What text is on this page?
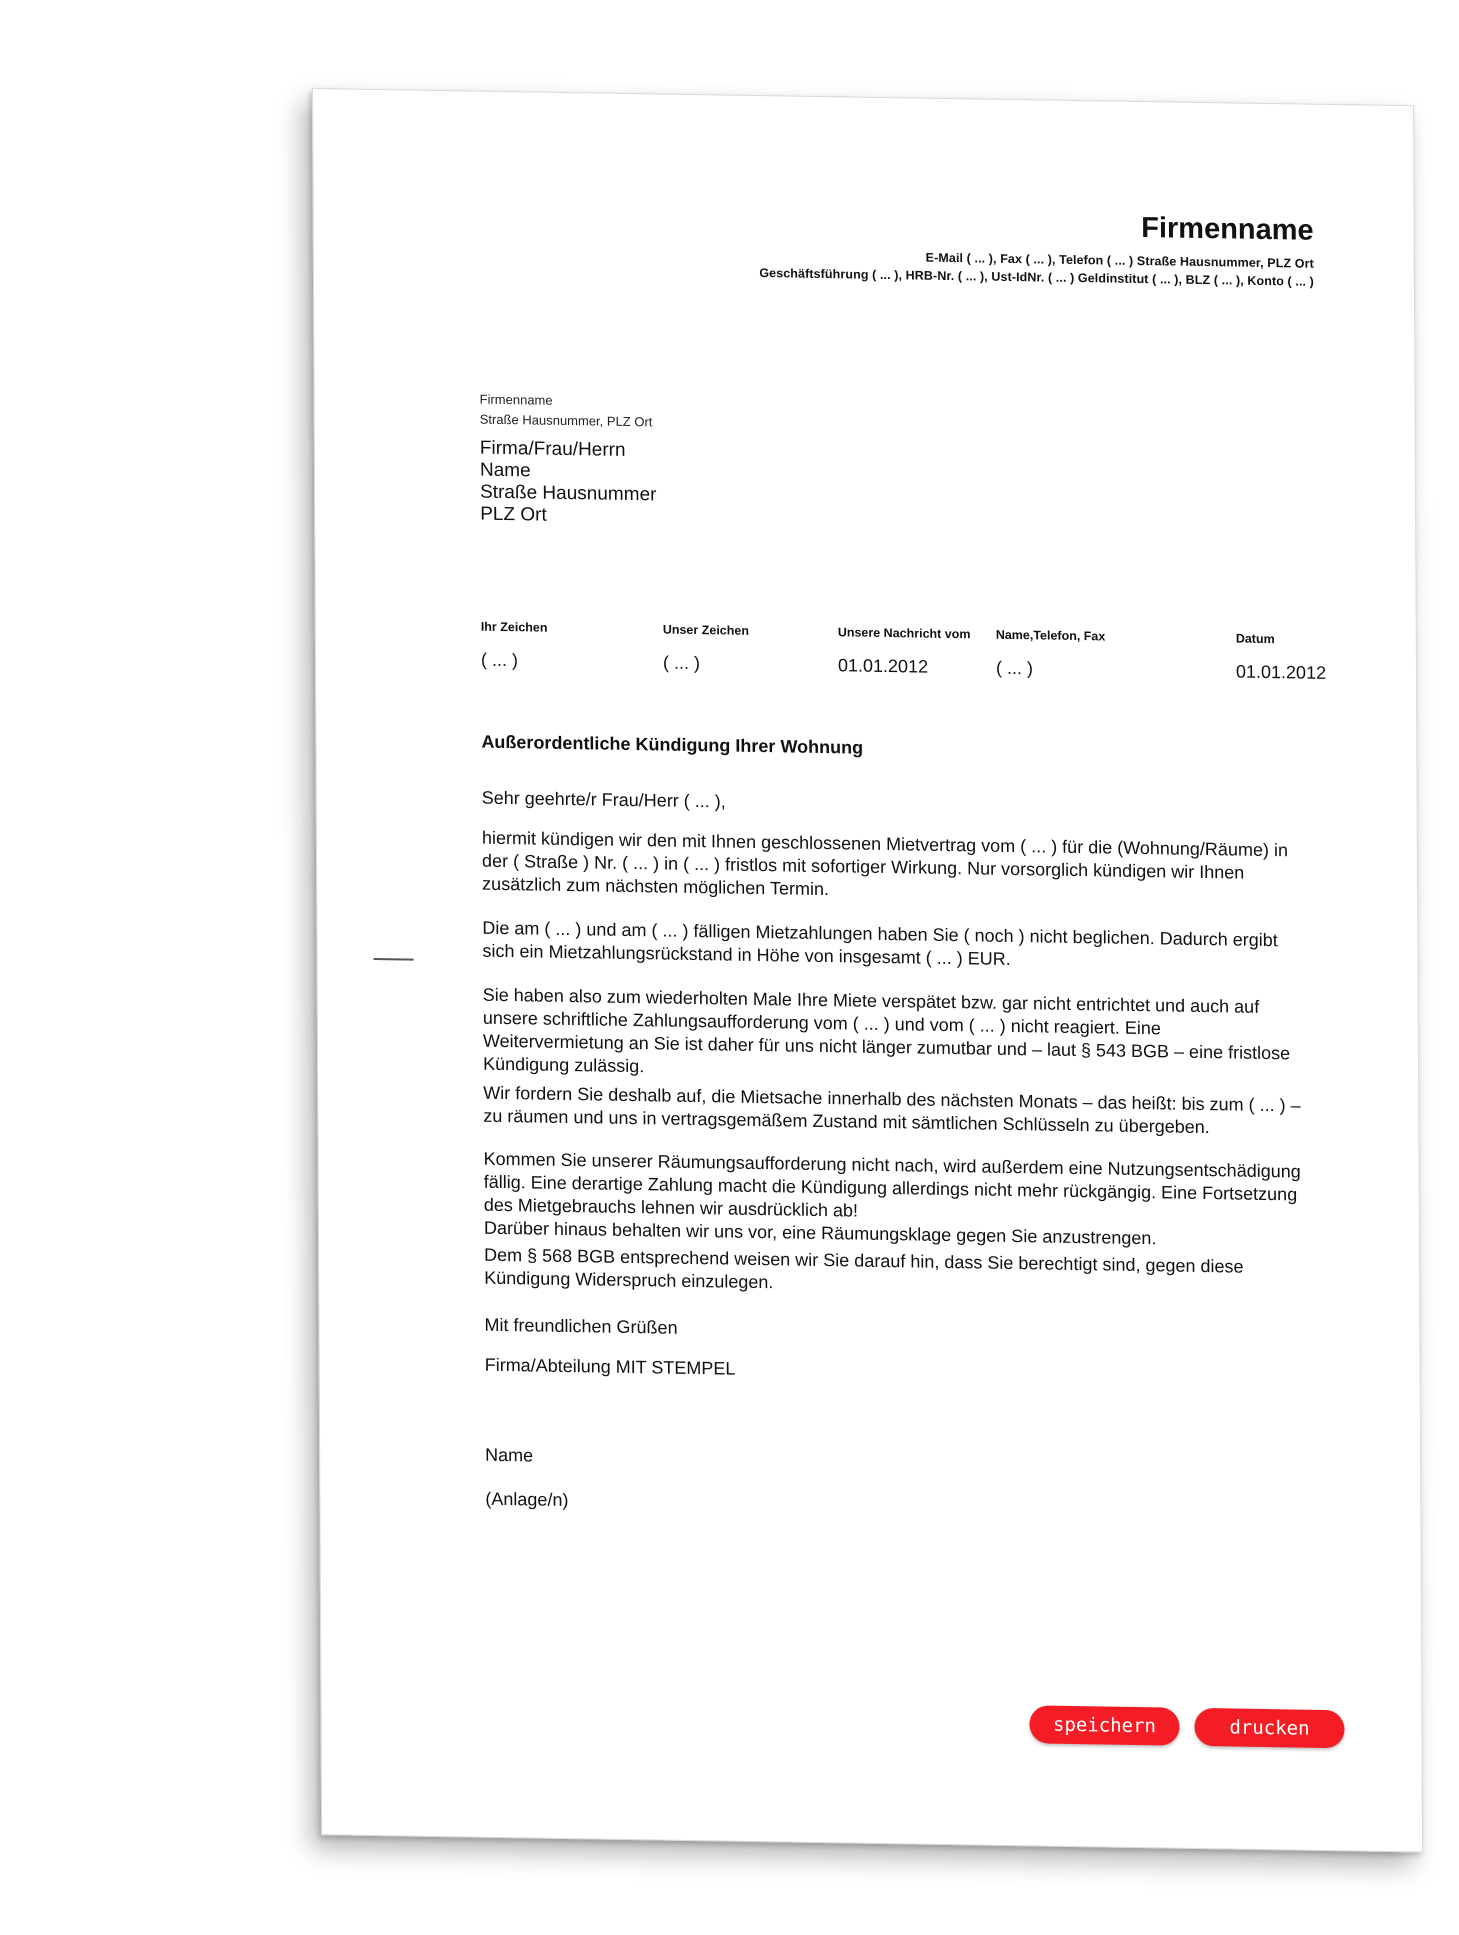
Firmenname
E-Mail ( ... ), Fax ( ... ), Telefon ( ... ) Straße Hausnummer, PLZ Ort
Geschäftsführung ( ... ), HRB-Nr. ( ... ), Ust-IdNr. ( ... ) Geldinstitut ( ... ), BLZ ( ... ), Konto ( ... )
Firmenname
Straße Hausnummer, PLZ Ort
Firma/Frau/Herrn
Name
Straße Hausnummer
PLZ Ort
Ihr Zeichen
( ... )
Unser Zeichen
( ... )
Unsere Nachricht vom
01.01.2012
Name,Telefon, Fax
( ... )
Datum
01.01.2012
Außerordentliche Kündigung Ihrer Wohnung
Sehr geehrte/r Frau/Herr ( ... ),
hiermit kündigen wir den mit Ihnen geschlossenen Mietvertrag vom ( ... ) für die (Wohnung/Räume) in
der ( Straße ) Nr. ( ... ) in ( ... ) fristlos mit sofortiger Wirkung. Nur vorsorglich kündigen wir Ihnen
zusätzlich zum nächsten möglichen Termin.
Die am ( ... ) und am ( ... ) fälligen Mietzahlungen haben Sie ( noch ) nicht beglichen. Dadurch ergibt
sich ein Mietzahlungsrückstand in Höhe von insgesamt ( ... ) EUR.
Sie haben also zum wiederholten Male Ihre Miete verspätet bzw. gar nicht entrichtet und auch auf
unsere schriftliche Zahlungsaufforderung vom ( ... ) und vom ( ... ) nicht reagiert. Eine
Weitervermietung an Sie ist daher für uns nicht länger zumutbar und – laut § 543 BGB – eine fristlose
Kündigung zulässig.
Wir fordern Sie deshalb auf, die Mietsache innerhalb des nächsten Monats – das heißt: bis zum ( ... ) –
zu räumen und uns in vertragsgemäßem Zustand mit sämtlichen Schlüsseln zu übergeben.
Kommen Sie unserer Räumungsaufforderung nicht nach, wird außerdem eine Nutzungsentschädigung
fällig. Eine derartige Zahlung macht die Kündigung allerdings nicht mehr rückgängig. Eine Fortsetzung
des Mietgebrauchs lehnen wir ausdrücklich ab!
Darüber hinaus behalten wir uns vor, eine Räumungsklage gegen Sie anzustrengen.
Dem § 568 BGB entsprechend weisen wir Sie darauf hin, dass Sie berechtigt sind, gegen diese
Kündigung Widerspruch einzulegen.
Mit freundlichen Grüßen
Firma/Abteilung MIT STEMPEL
Name
(Anlage/n)
speichern	drucken
